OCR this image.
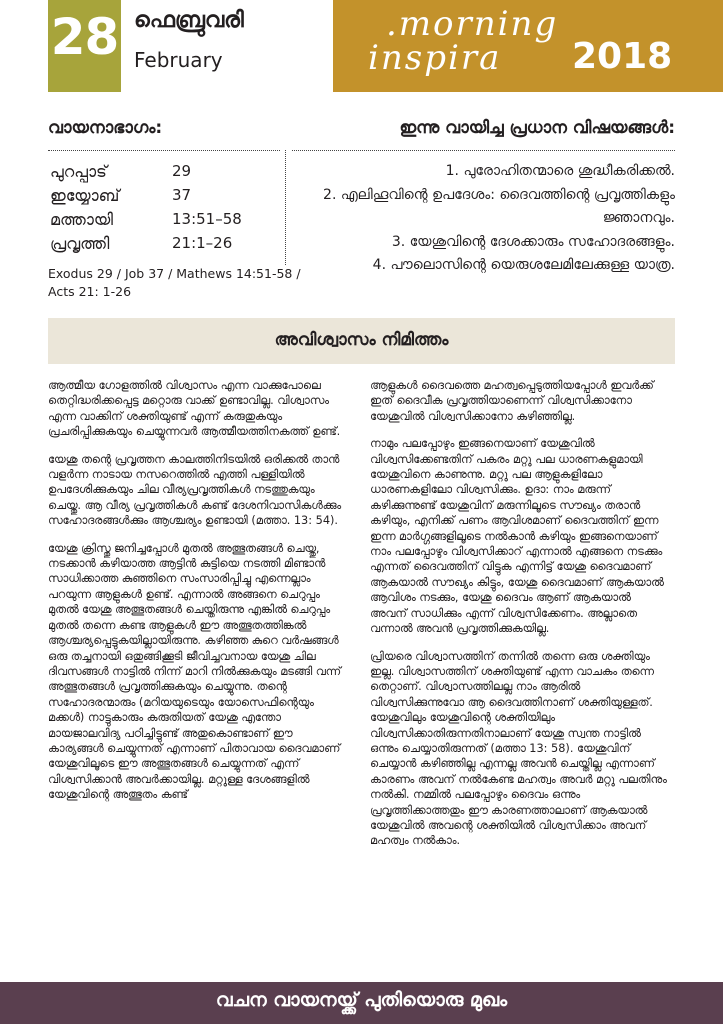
28 ഫെബ്രുവരി
February
.morning
inspira 2018
വായനാഭാഗം:
പുറപ്പാട്	29
ഇയ്യോബ്	37
മത്തായി	13:51–58
പ്രവൃത്തി	21:1–26
Exodus 29 / Job 37 / Mathews 14:51-58 / Acts 21: 1-26
ഇന്നു വായിച്ച പ്രധാന വിഷയങ്ങൾ:

1. പുരോഹിതന്മാരെ ശുദ്ധീകരിക്കൽ.

2. എലിഹൂവിന്റെ ഉപദേശം: ദൈവത്തിന്റെ പ്രവൃത്തികളും ജ്ഞാനവും.

3. യേശുവിന്റെ ദേശക്കാരും സഹോദരങ്ങളും.

4. പൗലൊസിന്റെ യെരുശലേമിലേക്കുള്ള യാത്ര.

അവിശ്വാസം നിമിത്തം

ആത്മീയ ഗോളത്തിൽ വിശ്വാസം എന്ന വാക്കുപോലെ തെറ്റിദ്ധരിക്കപ്പെട്ട മറ്റൊരു വാക്ക് ഉണ്ടാവില്ല. വിശ്വാസം എന്ന വാക്കിന് ശക്തിയുണ്ട് എന്ന് കരുതുകയും പ്രചരിപ്പിക്കുകയും ചെയ്യുന്നവർ ആത്മീയത്തിനകത്ത് ഉണ്ട്.

യേശു തന്റെ പ്രവൃത്തന കാലത്തിനിടയിൽ ഒരിക്കൽ താൻ വളർന്ന നാടായ നസറെത്തിൽ എത്തി പള്ളിയിൽ ഉപദേശിക്കുകയും ചില വീര്യപ്രവൃത്തികൾ നടത്തുകയും ചെയ്തു. ആ വീര്യ പ്രവൃത്തികൾ കണ്ട് ദേശനിവാസികൾക്കും സഹോദരങ്ങൾക്കും ആശ്ചര്യം ഉണ്ടായി (മത്താ. 13: 54).

യേശു ക്രിസ്തു ജനിച്ചപ്പോൾ മുതൽ അത്ഭുതങ്ങൾ ചെയ്തു, നടക്കാൻ കഴിയാത്ത ആട്ടിൻ കുട്ടിയെ നടത്തി മിണ്ടാൻ സാധിക്കാത്ത കുഞ്ഞിനെ സംസാരിപ്പിച്ചു എന്നെല്ലാം പറയുന്ന ആളുകൾ ഉണ്ട്. എന്നാൽ അങ്ങനെ ചെറുപ്പം മുതൽ യേശു അത്ഭുതങ്ങൾ ചെയ്തിരുന്നു എങ്കിൽ ചെറുപ്പം മുതൽ തന്നെ കണ്ട ആളുകൾ ഈ അത്ഭുതത്തിങ്കൽ ആശ്ചര്യപ്പെട്ടുകയില്ലായിരുന്നു. കഴിഞ്ഞ കുറെ വർഷങ്ങൾ ഒരു തച്ചനായി ഒതുങ്ങിക്കൂടി ജീവിച്ചവനായ യേശു ചില ദിവസങ്ങൾ നാട്ടിൽ നിന്ന് മാറി നിൽക്കുകയും മടങ്ങി വന്ന് അത്ഭുതങ്ങൾ പ്രവൃത്തിക്കുകയും ചെയ്യുന്നു. തന്റെ സഹോദരന്മാരും (മറിയയുടെയും യോസെഫിന്റെയും മക്കൾ) നാട്ടുകാരും കരുതിയത് യേശു എന്തോ മായജാലവിദ്യ പഠിച്ചിട്ടുണ്ട് അതുകൊണ്ടാണ് ഈ കാര്യങ്ങൾ ചെയ്യുന്നത് എന്നാണ് പിതാവായ ദൈവമാണ് യേശുവിലൂടെ ഈ അത്ഭുതങ്ങൾ ചെയ്യുന്നത് എന്ന് വിശ്വസിക്കാൻ അവർക്കായില്ല. മറ്റുള്ള ദേശങ്ങളിൽ യേശുവിന്റെ അത്ഭുതം കണ്ട്

ആളുകൾ ദൈവത്തെ മഹത്വപ്പെടുത്തിയപ്പോൾ ഇവർക്ക് ഇത് ദൈവീക പ്രവൃത്തിയാണെന്ന് വിശ്വസിക്കാനോ യേശുവിൽ വിശ്വസിക്കാനോ കഴിഞ്ഞില്ല.

നാമും പലപ്പോഴും ഇങ്ങനെയാണ് യേശുവിൽ വിശ്വസിക്കേണ്ടതിന് പകരം മറ്റു പല ധാരണകളുമായി യേശുവിനെ കാണുന്നു. മറ്റു പല ആളുകളിലോ ധാരണകളിലോ വിശ്വസിക്കും. ഉദാ: നാം മരുന്ന് കഴിക്കുന്നുണ്ട് യേശുവിന് മരുന്നിലൂടെ സൗഖ്യം തരാൻ കഴിയും, എനിക്ക് പണം ആവിശമാണ് ദൈവത്തിന് ഇന്ന ഇന്ന മാർഗ്ഗങ്ങളിലൂടെ നൽകാൻ കഴിയും ഇങ്ങനെയാണ് നാം പലപ്പോഴും വിശ്വസിക്കാറ് എന്നാൽ എങ്ങനെ നടക്കും എന്നത് ദൈവത്തിന് വിട്ടുക എന്നിട്ട് യേശു ദൈവമാണ് ആകയാൽ സൗഖ്യം കിട്ടും, യേശു ദൈവമാണ് ആകയാൽ ആവിശം നടക്കും, യേശു ദൈവം ആണ് ആകയാൽ അവന് സാധിക്കും എന്ന് വിശ്വസിക്കേണം. അല്ലാതെ വന്നാൽ അവൻ പ്രവൃത്തിക്കുകയില്ല.

പ്രിയരെ വിശ്വാസത്തിന് തന്നിൽ തന്നെ ഒരു ശക്തിയും ഇല്ല. വിശ്വാസത്തിന് ശക്തിയുണ്ട് എന്ന വാചകം തന്നെ തെറ്റാണ്. വിശ്വാസത്തിലല്ല നാം ആരിൽ വിശ്വസിക്കുന്നുവോ ആ ദൈവത്തിനാണ് ശക്തിയുള്ളത്. യേശുവിലും യേശുവിന്റെ ശക്തിയിലും വിശ്വസിക്കാതിരുന്നതിനാലാണ് യേശു സ്വന്ത നാട്ടിൽ ഒന്നും ചെയ്യാതിരുന്നത് (മത്താ 13: 58). യേശുവിന് ചെയ്യാൻ കഴിഞ്ഞില്ല എന്നല്ല അവൻ ചെയ്തില്ല എന്നാണ് കാരണം അവന് നൽകേണ്ട മഹത്വം അവർ മറ്റു പലതിനും നൽകി. നമ്മിൽ പലപ്പോഴും ദൈവം ഒന്നും പ്രവൃത്തിക്കാത്തതും ഈ കാരണത്താലാണ് ആകയാൽ യേശുവിൽ അവന്റെ ശക്തിയിൽ വിശ്വസിക്കാം അവന് മഹത്വം നൽകാം.

വചന വായനയ്ക്ക് പുതിയൊരു മുഖം
